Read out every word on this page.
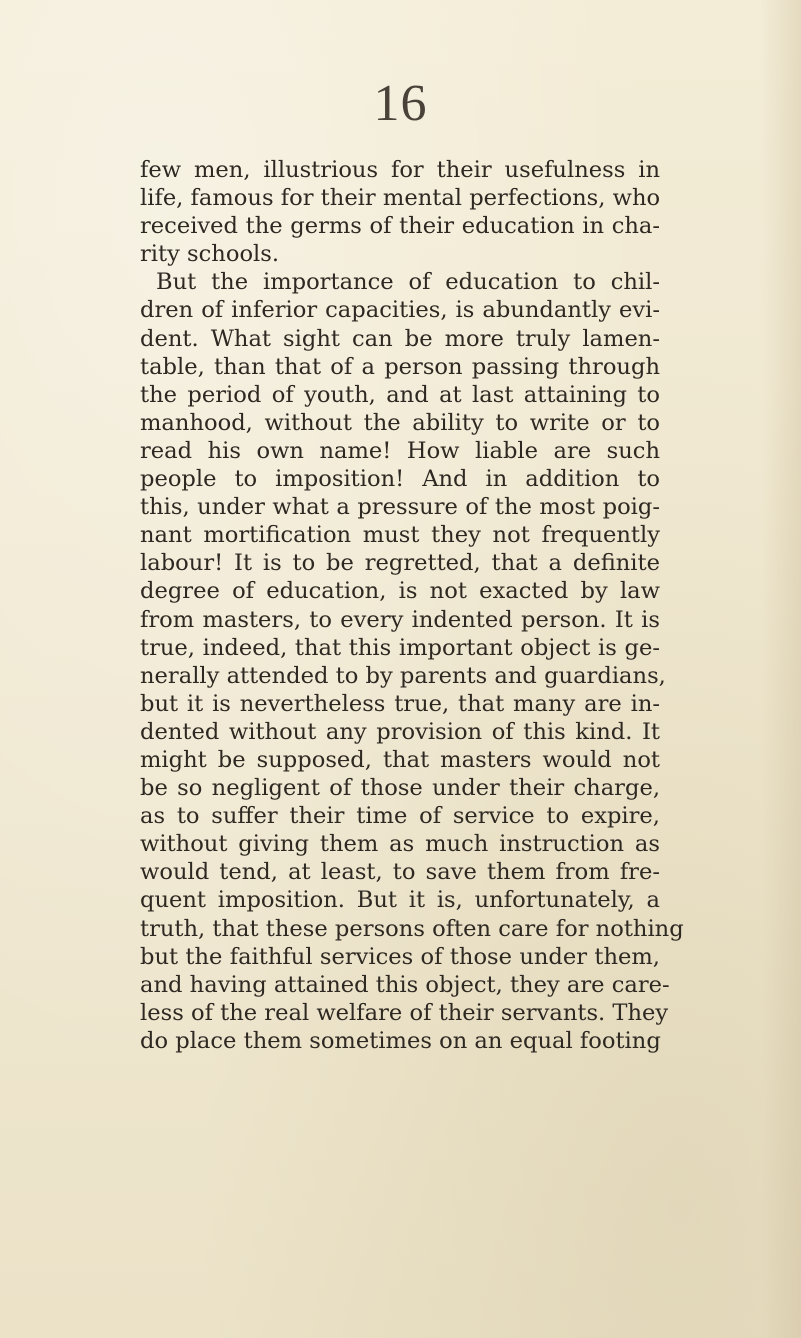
16
few men, illustrious for their usefulness in
life, famous for their mental perfections, who
received the germs of their education in cha-
rity schools.
But the importance of education to chil-
dren of inferior capacities, is abundantly evi-
dent. What sight can be more truly lamen-
table, than that of a person passing through
the period of youth, and at last attaining to
manhood, without the ability to write or to
read his own name! How liable are such
people to imposition! And in addition to
this, under what a pressure of the most poig-
nant mortification must they not frequently
labour! It is to be regretted, that a definite
degree of education, is not exacted by law
from masters, to every indented person. It is
true, indeed, that this important object is ge-
nerally attended to by parents and guardians,
but it is nevertheless true, that many are in-
dented without any provision of this kind. It
might be supposed, that masters would not
be so negligent of those under their charge,
as to suffer their time of service to expire,
without giving them as much instruction as
would tend, at least, to save them from fre-
quent imposition. But it is, unfortunately, a
truth, that these persons often care for nothing
but the faithful services of those under them,
and having attained this object, they are care-
less of the real welfare of their servants. They
do place them sometimes on an equal footing
